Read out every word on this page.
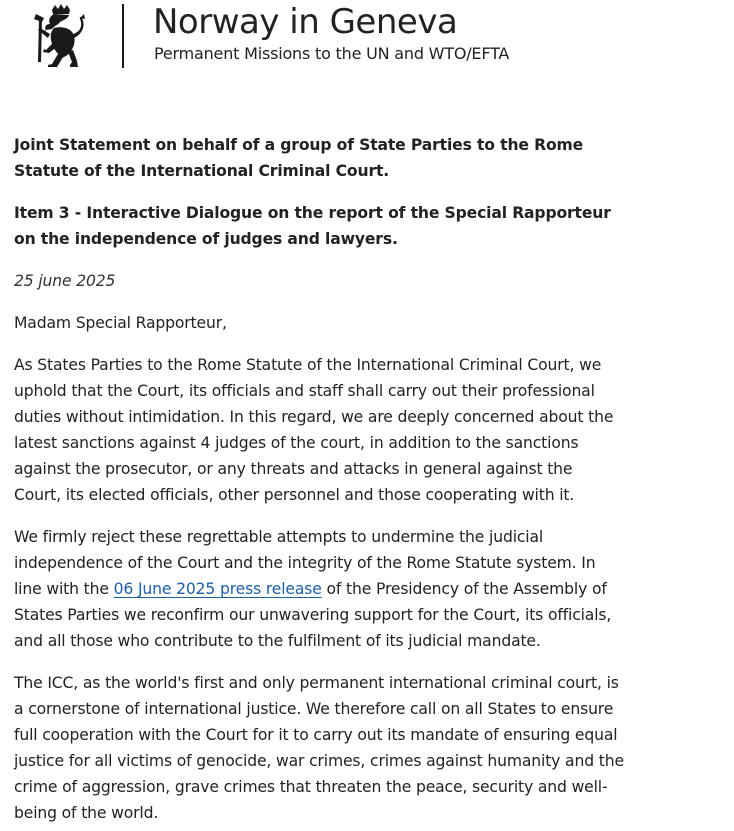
Norway in Geneva
Permanent Missions to the UN and WTO/EFTA

Joint Statement on behalf of a group of State Parties to the Rome Statute of the International Criminal Court.

Item 3 - Interactive Dialogue on the report of the Special Rapporteur on the independence of judges and lawyers.

25 june 2025

Madam Special Rapporteur,

As States Parties to the Rome Statute of the International Criminal Court, we uphold that the Court, its officials and staff shall carry out their professional duties without intimidation. In this regard, we are deeply concerned about the latest sanctions against 4 judges of the court, in addition to the sanctions against the prosecutor, or any threats and attacks in general against the Court, its elected officials, other personnel and those cooperating with it.

We firmly reject these regrettable attempts to undermine the judicial independence of the Court and the integrity of the Rome Statute system. In line with the 06 June 2025 press release of the Presidency of the Assembly of States Parties we reconfirm our unwavering support for the Court, its officials, and all those who contribute to the fulfilment of its judicial mandate.

The ICC, as the world's first and only permanent international criminal court, is a cornerstone of international justice. We therefore call on all States to ensure full cooperation with the Court for it to carry out its mandate of ensuring equal justice for all victims of genocide, war crimes, crimes against humanity and the crime of aggression, grave crimes that threaten the peace, security and well-being of the world.
